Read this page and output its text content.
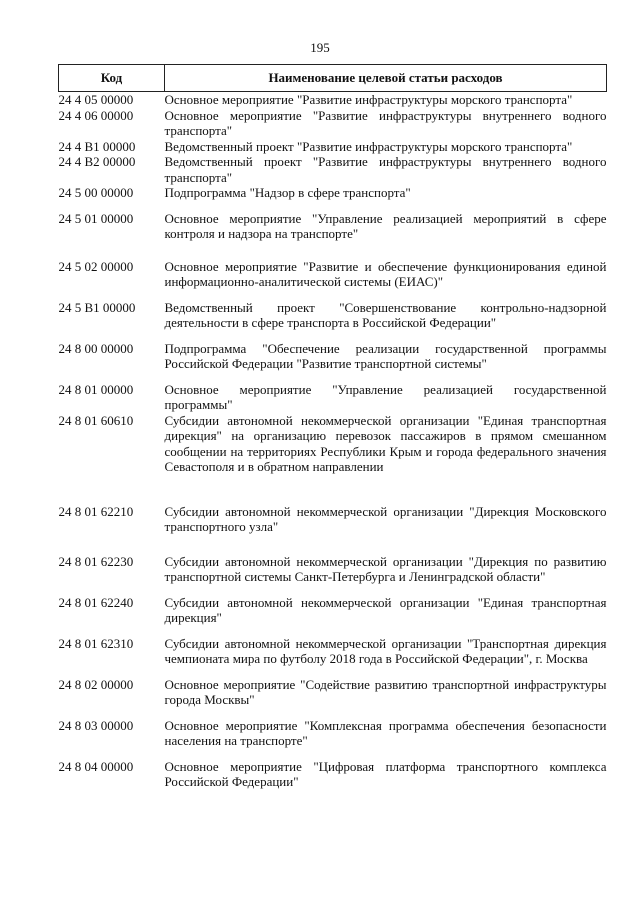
195
Код	Наименование целевой статьи расходов
24 4 05 00000	Основное мероприятие "Развитие инфраструктуры морского транспорта"
24 4 06 00000	Основное мероприятие "Развитие инфраструктуры внутреннего водного транспорта"
24 4 В1 00000	Ведомственный проект "Развитие инфраструктуры морского транспорта"
24 4 В2 00000	Ведомственный проект "Развитие инфраструктуры внутреннего водного транспорта"
24 5 00 00000	Подпрограмма "Надзор в сфере транспорта"
24 5 01 00000	Основное мероприятие "Управление реализацией мероприятий в сфере контроля и надзора на транспорте"
24 5 02 00000	Основное мероприятие "Развитие и обеспечение функционирования единой информационно-аналитической системы (ЕИАС)"
24 5 В1 00000	Ведомственный проект "Совершенствование контрольно-надзорной деятельности в сфере транспорта в Российской Федерации"
24 8 00 00000	Подпрограмма "Обеспечение реализации государственной программы Российской Федерации "Развитие транспортной системы"
24 8 01 00000	Основное мероприятие "Управление реализацией государственной программы"
24 8 01 60610	Субсидии автономной некоммерческой организации "Единая транспортная дирекция" на организацию перевозок пассажиров в прямом смешанном сообщении на территориях Республики Крым и города федерального значения Севастополя и в обратном направлении
24 8 01 62210	Субсидии автономной некоммерческой организации "Дирекция Московского транспортного узла"
24 8 01 62230	Субсидии автономной некоммерческой организации "Дирекция по развитию транспортной системы Санкт-Петербурга и Ленинградской области"
24 8 01 62240	Субсидии автономной некоммерческой организации "Единая транспортная дирекция"
24 8 01 62310	Субсидии автономной некоммерческой организации "Транспортная дирекция чемпионата мира по футболу 2018 года в Российской Федерации", г. Москва
24 8 02 00000	Основное мероприятие "Содействие развитию транспортной инфраструктуры города Москвы"
24 8 03 00000	Основное мероприятие "Комплексная программа обеспечения безопасности населения на транспорте"
24 8 04 00000	Основное мероприятие "Цифровая платформа транспортного комплекса Российской Федерации"
